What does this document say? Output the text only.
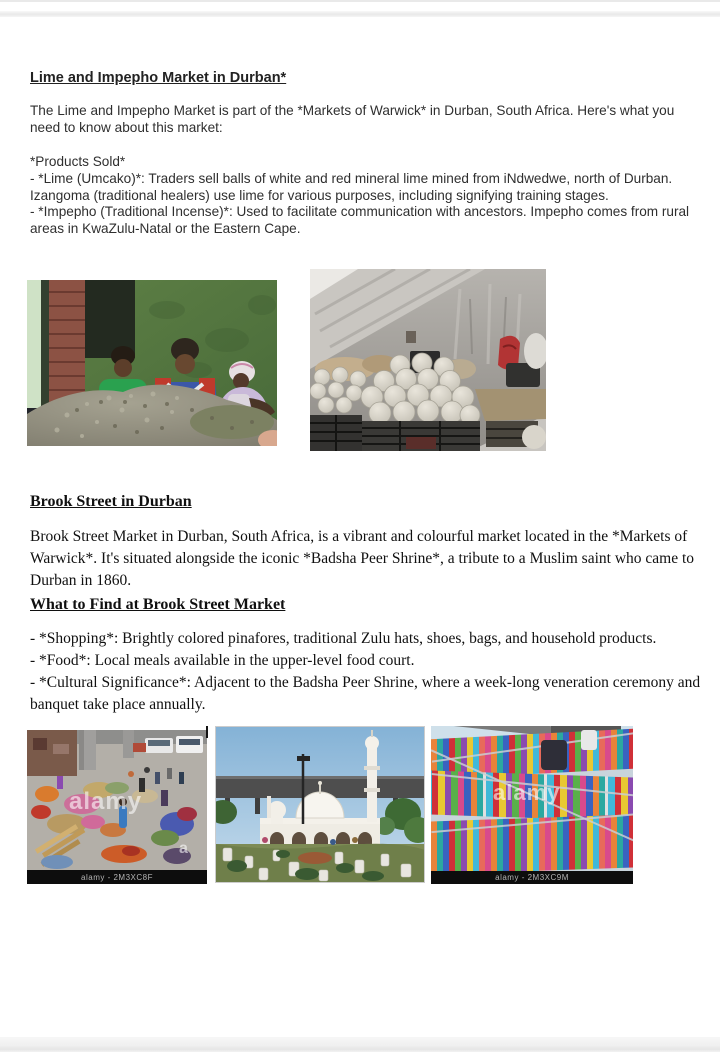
Lime and Impepho Market in Durban*
The Lime and Impepho Market is part of the *Markets of Warwick* in Durban, South Africa. Here's what you need to know about this market:

*Products Sold*

- *Lime (Umcako)*: Traders sell balls of white and red mineral lime mined from iNdwedwe, north of Durban. Izangoma (traditional healers) use lime for various purposes, including signifying training stages.

- *Impepho (Traditional Incense)*: Used to facilitate communication with ancestors. Impepho comes from rural areas in KwaZulu-Natal or the Eastern Cape.

Brook Street in Durban
Brook Street Market in Durban, South Africa, is a vibrant and colourful market located in the *Markets of Warwick*. It's situated alongside the iconic *Badsha Peer Shrine*, a tribute to a Muslim saint who came to Durban in 1860.
What to Find at Brook Street Market

- *Shopping*: Brightly colored pinafores, traditional Zulu hats, shoes, bags, and household products.

- *Food*: Local meals available in the upper-level food court.

- *Cultural Significance*: Adjacent to the Badsha Peer Shrine, where a week-long veneration ceremony and banquet take place annually.

alamy
a
alamy - 2M3XC8F
alamy
alamy - 2M3XC9M
